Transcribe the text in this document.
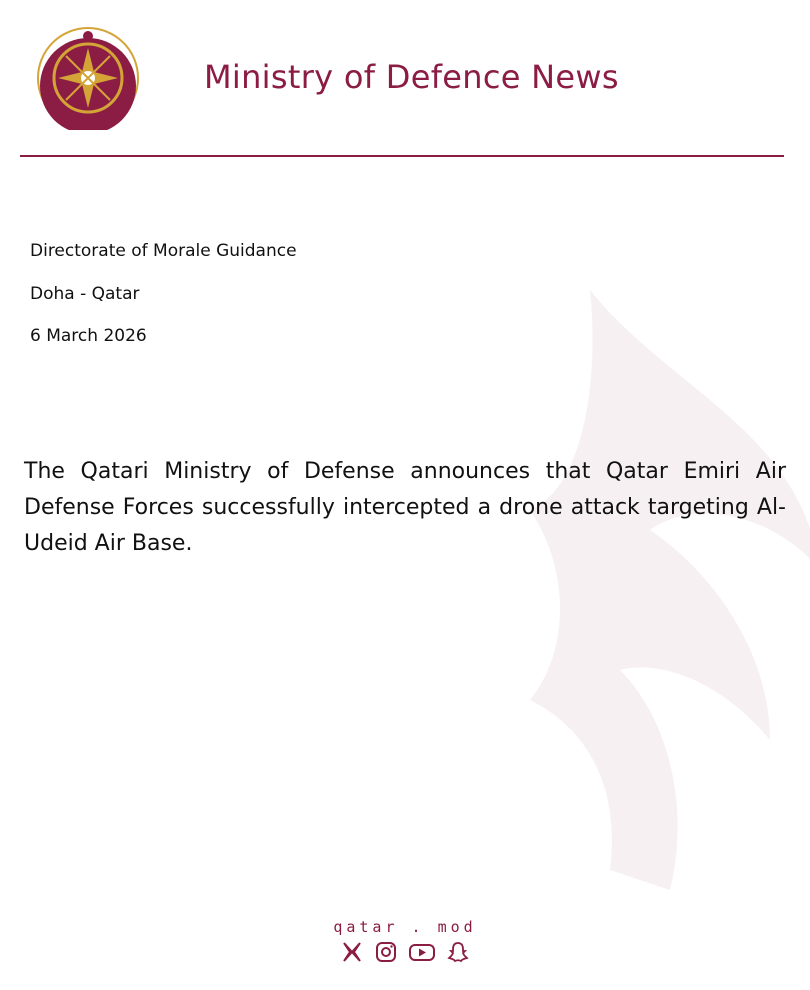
Ministry of Defence News
Directorate of Morale Guidance
Doha - Qatar
6 March 2026
The Qatari Ministry of Defense announces that Qatar Emiri Air Defense Forces successfully intercepted a drone attack targeting Al-Udeid Air Base.
qatar . mod
